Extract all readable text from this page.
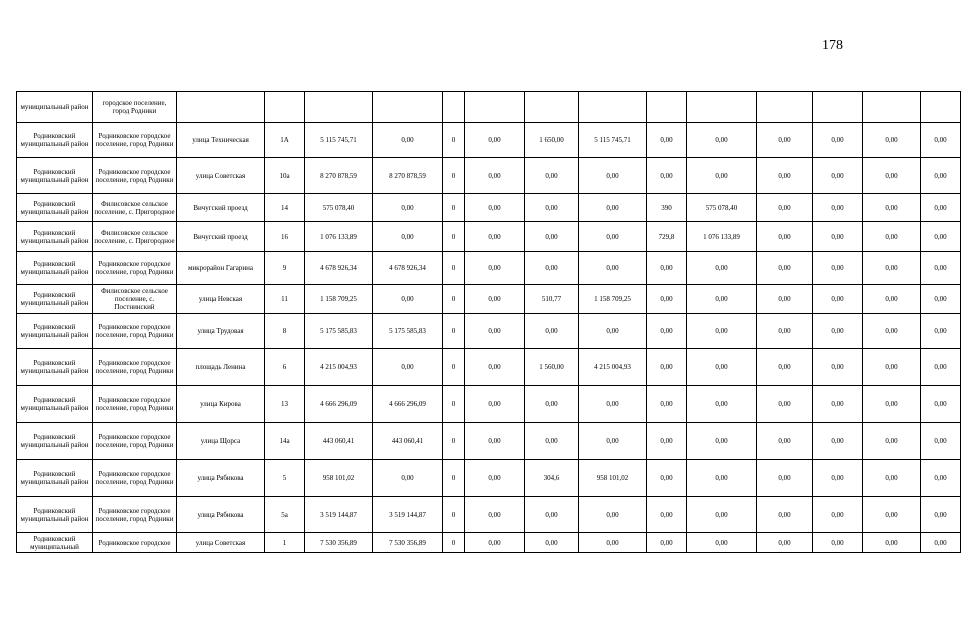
178
муниципальный район	городское поселение, город Родники														
Родниковский муниципальный район	Родниковское городское поселение, город Родники	улица Техническая	1А	5 115 745,71	0,00	0	0,00	1 650,00	5 115 745,71	0,00	0,00	0,00	0,00	0,00	0,00
Родниковский муниципальный район	Родниковское городское поселение, город Родники	улица Советская	10а	8 270 878,59	8 270 878,59	0	0,00	0,00	0,00	0,00	0,00	0,00	0,00	0,00	0,00
Родниковский муниципальный район	Филисовское сельское поселение, с. Пригородное	Вичугский проезд	14	575 078,40	0,00	0	0,00	0,00	0,00	390	575 078,40	0,00	0,00	0,00	0,00
Родниковский муниципальный район	Филисовское сельское поселение, с. Пригородное	Вичугский проезд	16	1 076 133,89	0,00	0	0,00	0,00	0,00	729,8	1 076 133,89	0,00	0,00	0,00	0,00
Родниковский муниципальный район	Родниковское городское поселение, город Родники	микрорайон Гагарина	9	4 678 926,34	4 678 926,34	0	0,00	0,00	0,00	0,00	0,00	0,00	0,00	0,00	0,00
Родниковский муниципальный район	Филисовское сельское поселение, с. Постнинский	улица Невская	11	1 158 709,25	0,00	0	0,00	510,77	1 158 709,25	0,00	0,00	0,00	0,00	0,00	0,00
Родниковский муниципальный район	Родниковское городское поселение, город Родники	улица Трудовая	8	5 175 585,83	5 175 585,83	0	0,00	0,00	0,00	0,00	0,00	0,00	0,00	0,00	0,00
Родниковский муниципальный район	Родниковское городское поселение, город Родники	площадь Ленина	6	4 215 004,93	0,00	0	0,00	1 560,00	4 215 004,93	0,00	0,00	0,00	0,00	0,00	0,00
Родниковский муниципальный район	Родниковское городское поселение, город Родники	улица Кирова	13	4 666 296,09	4 666 296,09	0	0,00	0,00	0,00	0,00	0,00	0,00	0,00	0,00	0,00
Родниковский муниципальный район	Родниковское городское поселение, город Родники	улица Щорса	14а	443 060,41	443 060,41	0	0,00	0,00	0,00	0,00	0,00	0,00	0,00	0,00	0,00
Родниковский муниципальный район	Родниковское городское поселение, город Родники	улица Рябикова	5	958 101,02	0,00	0	0,00	304,6	958 101,02	0,00	0,00	0,00	0,00	0,00	0,00
Родниковский муниципальный район	Родниковское городское поселение, город Родники	улица Рябикова	5а	3 519 144,87	3 519 144,87	0	0,00	0,00	0,00	0,00	0,00	0,00	0,00	0,00	0,00
Родниковский муниципальный	Родниковское городское	улица Советская	1	7 530 356,89	7 530 356,89	0	0,00	0,00	0,00	0,00	0,00	0,00	0,00	0,00	0,00
